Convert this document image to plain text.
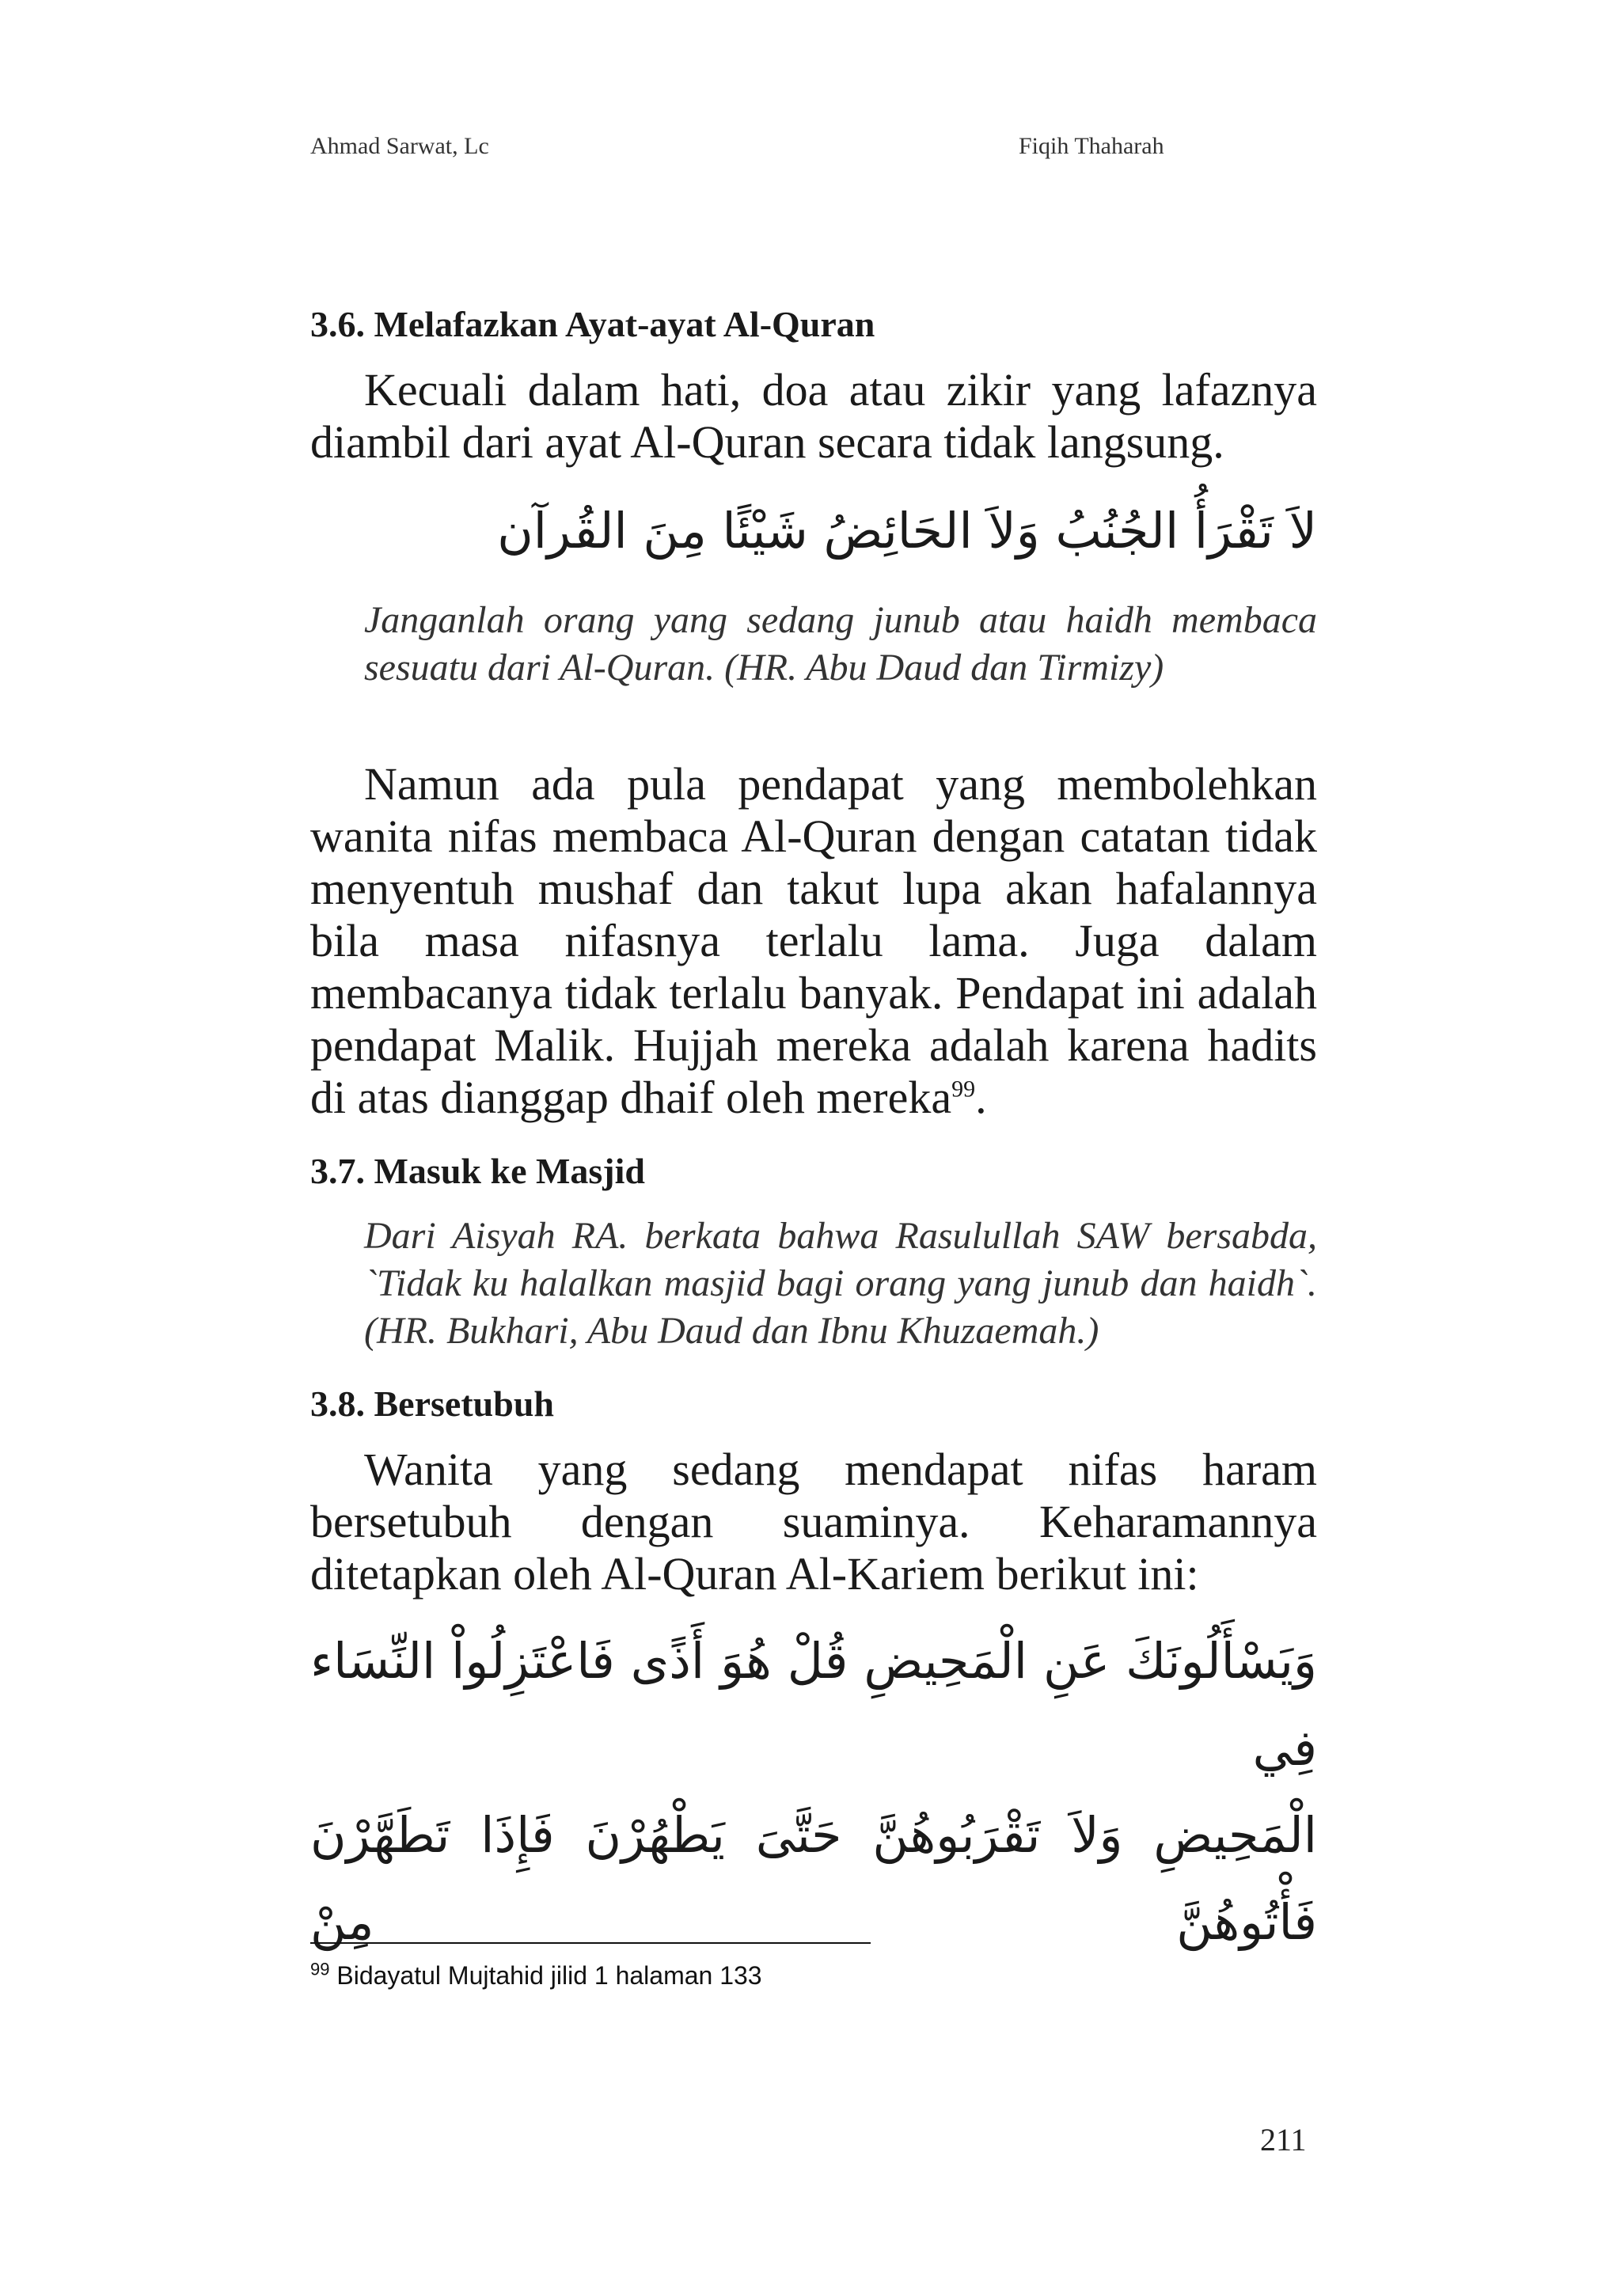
Ahmad Sarwat, Lc	Fiqih Thaharah
3.6. Melafazkan Ayat-ayat Al-Quran

Kecuali dalam hati, doa atau zikir yang lafaznya diambil dari ayat Al-Quran secara tidak langsung.

لاَ تَقْرَأُ الجُنُبُ وَلاَ الحَائِضُ شَيْئًا مِنَ القُرآن

Janganlah orang yang sedang junub atau haidh membaca sesuatu dari Al-Quran. (HR. Abu Daud dan Tirmizy)

Namun ada pula pendapat yang membolehkan wanita nifas membaca Al-Quran dengan catatan tidak menyentuh mushaf dan takut lupa akan hafalannya bila masa nifasnya terlalu lama. Juga dalam membacanya tidak terlalu banyak. Pendapat ini adalah pendapat Malik. Hujjah mereka adalah karena hadits di atas dianggap dhaif oleh mereka$^{99}$.

3.7. Masuk ke Masjid

Dari Aisyah RA. berkata bahwa Rasulullah SAW bersabda, `Tidak ku halalkan masjid bagi orang yang junub dan haidh`. (HR. Bukhari, Abu Daud dan Ibnu Khuzaemah.)

3.8. Bersetubuh

Wanita yang sedang mendapat nifas haram bersetubuh dengan suaminya. Keharamannya ditetapkan oleh Al-Quran Al-Kariem berikut ini:

وَيَسْأَلُونَكَ عَنِ الْمَحِيضِ قُلْ هُوَ أَذًى فَاعْتَزِلُواْ النِّسَاء فِي

الْمَحِيضِ وَلاَ تَقْرَبُوهُنَّ حَتَّىَ يَطْهُرْنَ فَإِذَا تَطَهَّرْنَ فَأْتُوهُنَّ مِنْ

$^{99}$ Bidayatul Mujtahid jilid 1 halaman 133
211
